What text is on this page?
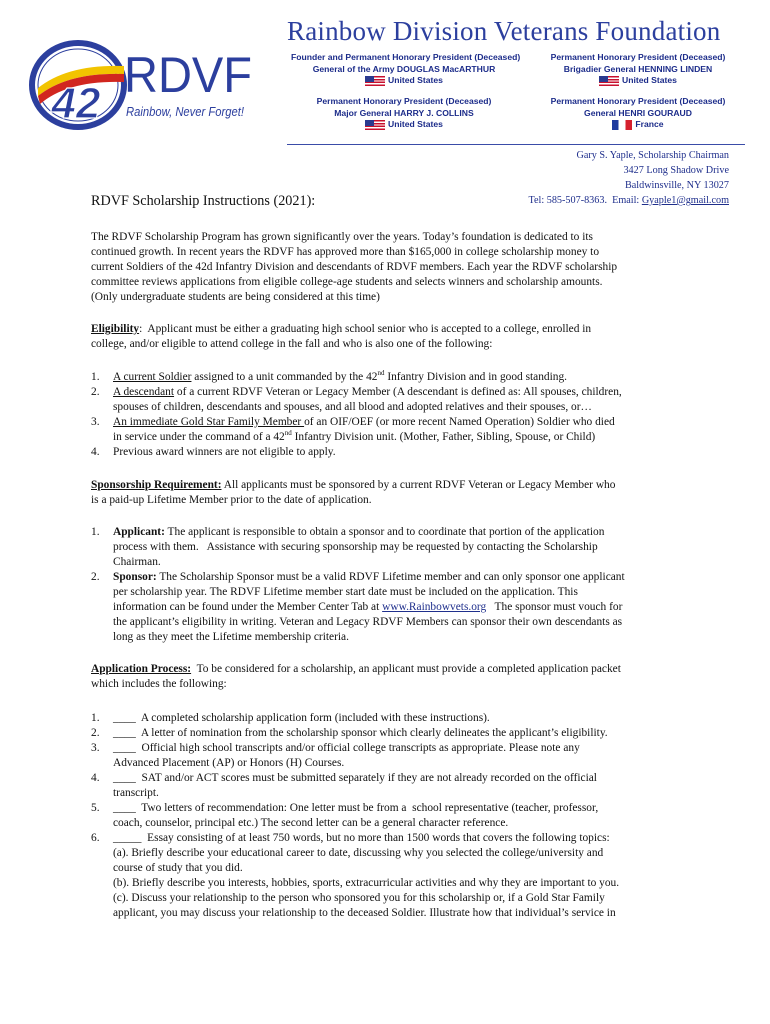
42
RDVF
Rainbow, Never Forget!
Rainbow Division Veterans Foundation
Founder and Permanent Honorary President (Deceased)
General of the Army DOUGLAS MacARTHUR
United States
Permanent Honorary President (Deceased)
Brigadier General HENNING LINDEN
United States
Permanent Honorary President (Deceased)
Major General HARRY J. COLLINS
United States
Permanent Honorary President (Deceased)
General HENRI GOURAUD
France
Gary S. Yaple, Scholarship Chairman
3427 Long Shadow Drive
Baldwinsville, NY 13027
Tel: 585-507-8363.  Email: Gyaple1@gmail.com
RDVF Scholarship Instructions (2021):
The RDVF Scholarship Program has grown significantly over the years. Today’s foundation is dedicated to its
continued growth. In recent years the RDVF has approved more than $165,000 in college scholarship money to
current Soldiers of the 42d Infantry Division and descendants of RDVF members. Each year the RDVF scholarship
committee reviews applications from eligible college-age students and selects winners and scholarship amounts.
(Only undergraduate students are being considered at this time)
Eligibility:  Applicant must be either a graduating high school senior who is accepted to a college, enrolled in
college, and/or eligible to attend college in the fall and who is also one of the following:
1. A current Soldier assigned to a unit commanded by the 42nd Infantry Division and in good standing.
2. A descendant of a current RDVF Veteran or Legacy Member (A descendant is defined as: All spouses, children,
spouses of children, descendants and spouses, and all blood and adopted relatives and their spouses, or…
3. An immediate Gold Star Family Member of an OIF/OEF (or more recent Named Operation) Soldier who died
in service under the command of a 42nd Infantry Division unit. (Mother, Father, Sibling, Spouse, or Child)
4. Previous award winners are not eligible to apply.
Sponsorship Requirement: All applicants must be sponsored by a current RDVF Veteran or Legacy Member who
is a paid-up Lifetime Member prior to the date of application.
1. Applicant: The applicant is responsible to obtain a sponsor and to coordinate that portion of the application
process with them.   Assistance with securing sponsorship may be requested by contacting the Scholarship
Chairman.
2. Sponsor: The Scholarship Sponsor must be a valid RDVF Lifetime member and can only sponsor one applicant
per scholarship year. The RDVF Lifetime member start date must be included on the application. This
information can be found under the Member Center Tab at www.Rainbowvets.org   The sponsor must vouch for
the applicant’s eligibility in writing. Veteran and Legacy RDVF Members can sponsor their own descendants as
long as they meet the Lifetime membership criteria.
Application Process:  To be considered for a scholarship, an applicant must provide a completed application packet
which includes the following:
1. ____  A completed scholarship application form (included with these instructions).
2. ____  A letter of nomination from the scholarship sponsor which clearly delineates the applicant’s eligibility.
3. ____  Official high school transcripts and/or official college transcripts as appropriate. Please note any
Advanced Placement (AP) or Honors (H) Courses.
4. ____  SAT and/or ACT scores must be submitted separately if they are not already recorded on the official
transcript.
5. ____  Two letters of recommendation: One letter must be from a  school representative (teacher, professor,
coach, counselor, principal etc.) The second letter can be a general character reference.
6. _____  Essay consisting of at least 750 words, but no more than 1500 words that covers the following topics:
(a). Briefly describe your educational career to date, discussing why you selected the college/university and
course of study that you did.
(b). Briefly describe you interests, hobbies, sports, extracurricular activities and why they are important to you.
(c). Discuss your relationship to the person who sponsored you for this scholarship or, if a Gold Star Family
applicant, you may discuss your relationship to the deceased Soldier. Illustrate how that individual’s service in
